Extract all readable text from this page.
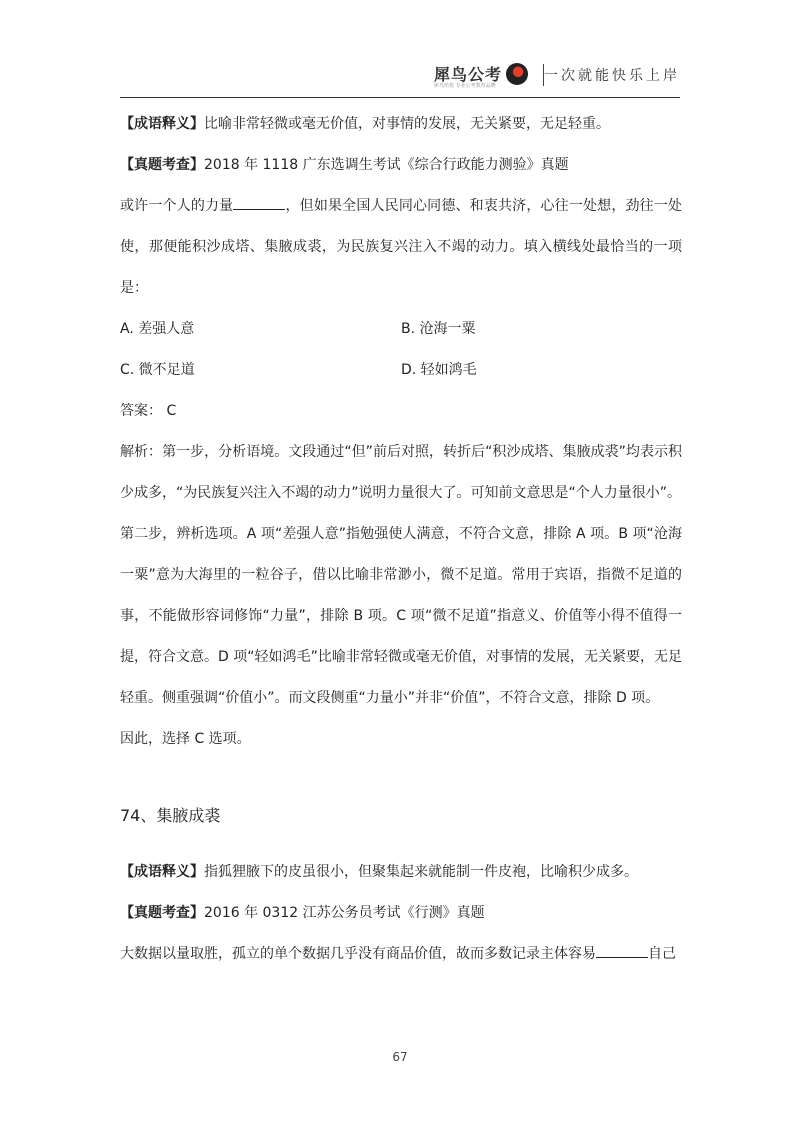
犀鸟公考
犀鸟培优 专业公考教育品牌
一次就能快乐上岸

【成语释义】比喻非常轻微或毫无价值，对事情的发展，无关紧要，无足轻重。

【真题考查】2018 年 1118 广东选调生考试《综合行政能力测验》真题

或许一个人的力量	，但如果全国人民同心同德、和衷共济，心往一处想，劲往一处使，那便能积沙成塔、集腋成裘，为民族复兴注入不竭的动力。填入横线处最恰当的一项是：

A. 差强人意	B. 沧海一粟
C. 微不足道	D. 轻如鸿毛

答案： C

解析：第一步，分析语境。文段通过“但”前后对照，转折后“积沙成塔、集腋成裘”均表示积少成多，“为民族复兴注入不竭的动力”说明力量很大了。可知前文意思是“个人力量很小”。

第二步，辨析选项。A 项“差强人意”指勉强使人满意，不符合文意，排除 A 项。B 项“沧海一粟”意为大海里的一粒谷子，借以比喻非常渺小，微不足道。常用于宾语，指微不足道的事，不能做形容词修饰“力量”，排除 B 项。C 项“微不足道”指意义、价值等小得不值得一提，符合文意。D 项“轻如鸿毛”比喻非常轻微或毫无价值，对事情的发展，无关紧要，无足轻重。侧重强调“价值小”。而文段侧重“力量小”并非“价值”，不符合文意，排除 D 项。

因此，选择 C 选项。

74、集腋成裘

【成语释义】指狐狸腋下的皮虽很小，但聚集起来就能制一件皮袍，比喻积少成多。

【真题考查】2016 年 0312 江苏公务员考试《行测》真题

大数据以量取胜，孤立的单个数据几乎没有商品价值，故而多数记录主体容易	自己

67
